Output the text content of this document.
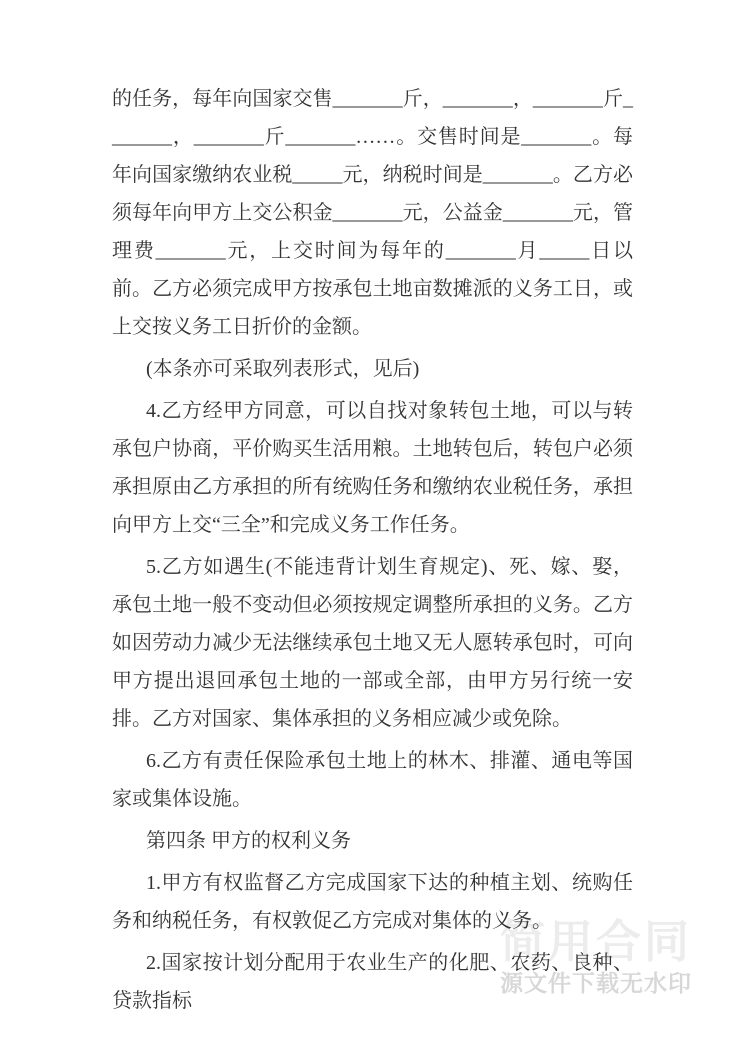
简用合同
源文件下载无水印

的任务，每年向国家交售_______斤，_______，_______斤_______，_______斤_______……。交售时间是_______。每年向国家缴纳农业税_____元，纳税时间是_______。乙方必须每年向甲方上交公积金_______元，公益金_______元，管理费_______元，上交时间为每年的_______月_____日以前。乙方必须完成甲方按承包土地亩数摊派的义务工日，或上交按义务工日折价的金额。

(本条亦可采取列表形式，见后)

4.乙方经甲方同意，可以自找对象转包土地，可以与转承包户协商，平价购买生活用粮。土地转包后，转包户必须承担原由乙方承担的所有统购任务和缴纳农业税任务，承担向甲方上交“三全”和完成义务工作任务。

5.乙方如遇生(不能违背计划生育规定)、死、嫁、娶，承包土地一般不变动但必须按规定调整所承担的义务。乙方如因劳动力减少无法继续承包土地又无人愿转承包时，可向甲方提出退回承包土地的一部或全部，由甲方另行统一安排。乙方对国家、集体承担的义务相应减少或免除。

6.乙方有责任保险承包土地上的林木、排灌、通电等国家或集体设施。

第四条 甲方的权利义务

1.甲方有权监督乙方完成国家下达的种植主划、统购任务和纳税任务，有权敦促乙方完成对集体的义务。

2.国家按计划分配用于农业生产的化肥、农药、良种、贷款指标
